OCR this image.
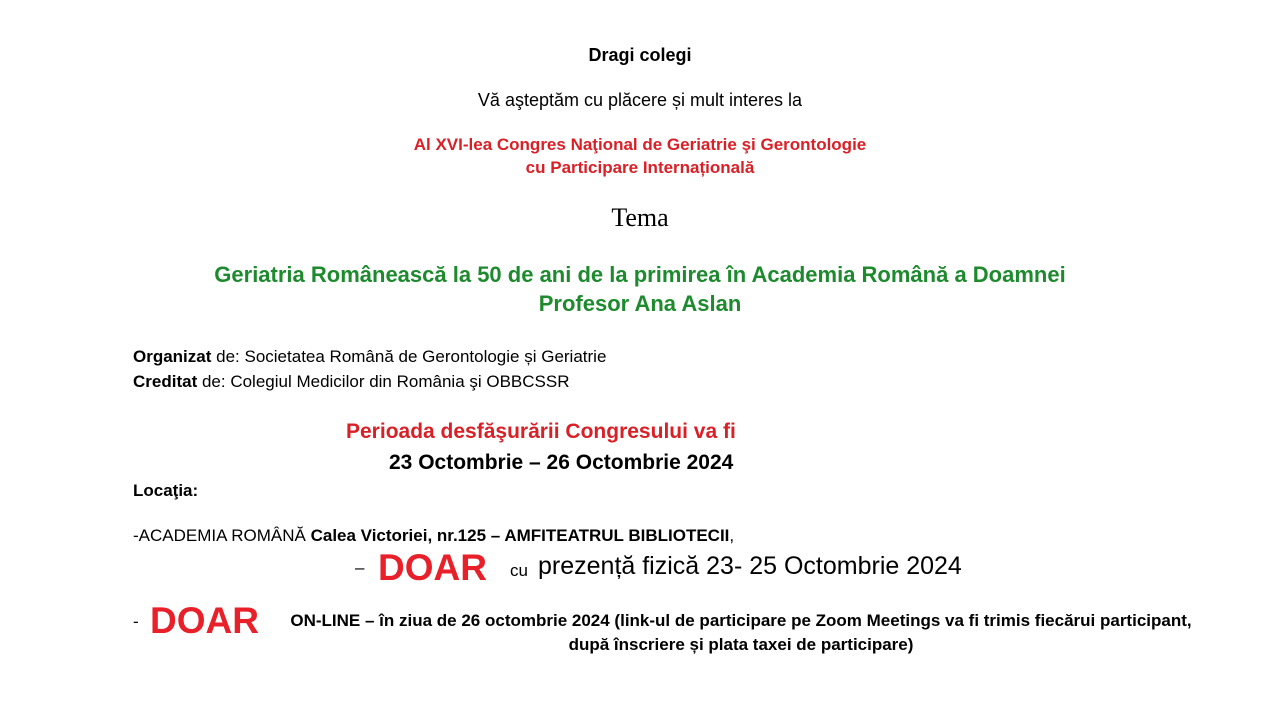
Dragi colegi
Vă aşteptăm cu plăcere și mult interes la
Al XVI-lea Congres Naţional de Geriatrie şi Gerontologie
cu Participare Internațională
Tema
Geriatria Românească la 50 de ani de la primirea în Academia Română a Doamnei
Profesor Ana Aslan
Organizat de: Societatea Română de Gerontologie și Geriatrie
Creditat de: Colegiul Medicilor din România şi OBBCSSR
Perioada desfăşurării Congresului va fi
23 Octombrie – 26 Octombrie 2024
Locaţia:
-ACADEMIA ROMÂNĂ Calea Victoriei, nr.125 – AMFITEATRUL BIBLIOTECII,
– DOAR cu prezență fizică 23- 25 Octombrie 2024
- DOAR	ON-LINE – în ziua de 26 octombrie 2024 (link-ul de participare pe Zoom Meetings va fi trimis fiecărui participant, după înscriere și plata taxei de participare)
